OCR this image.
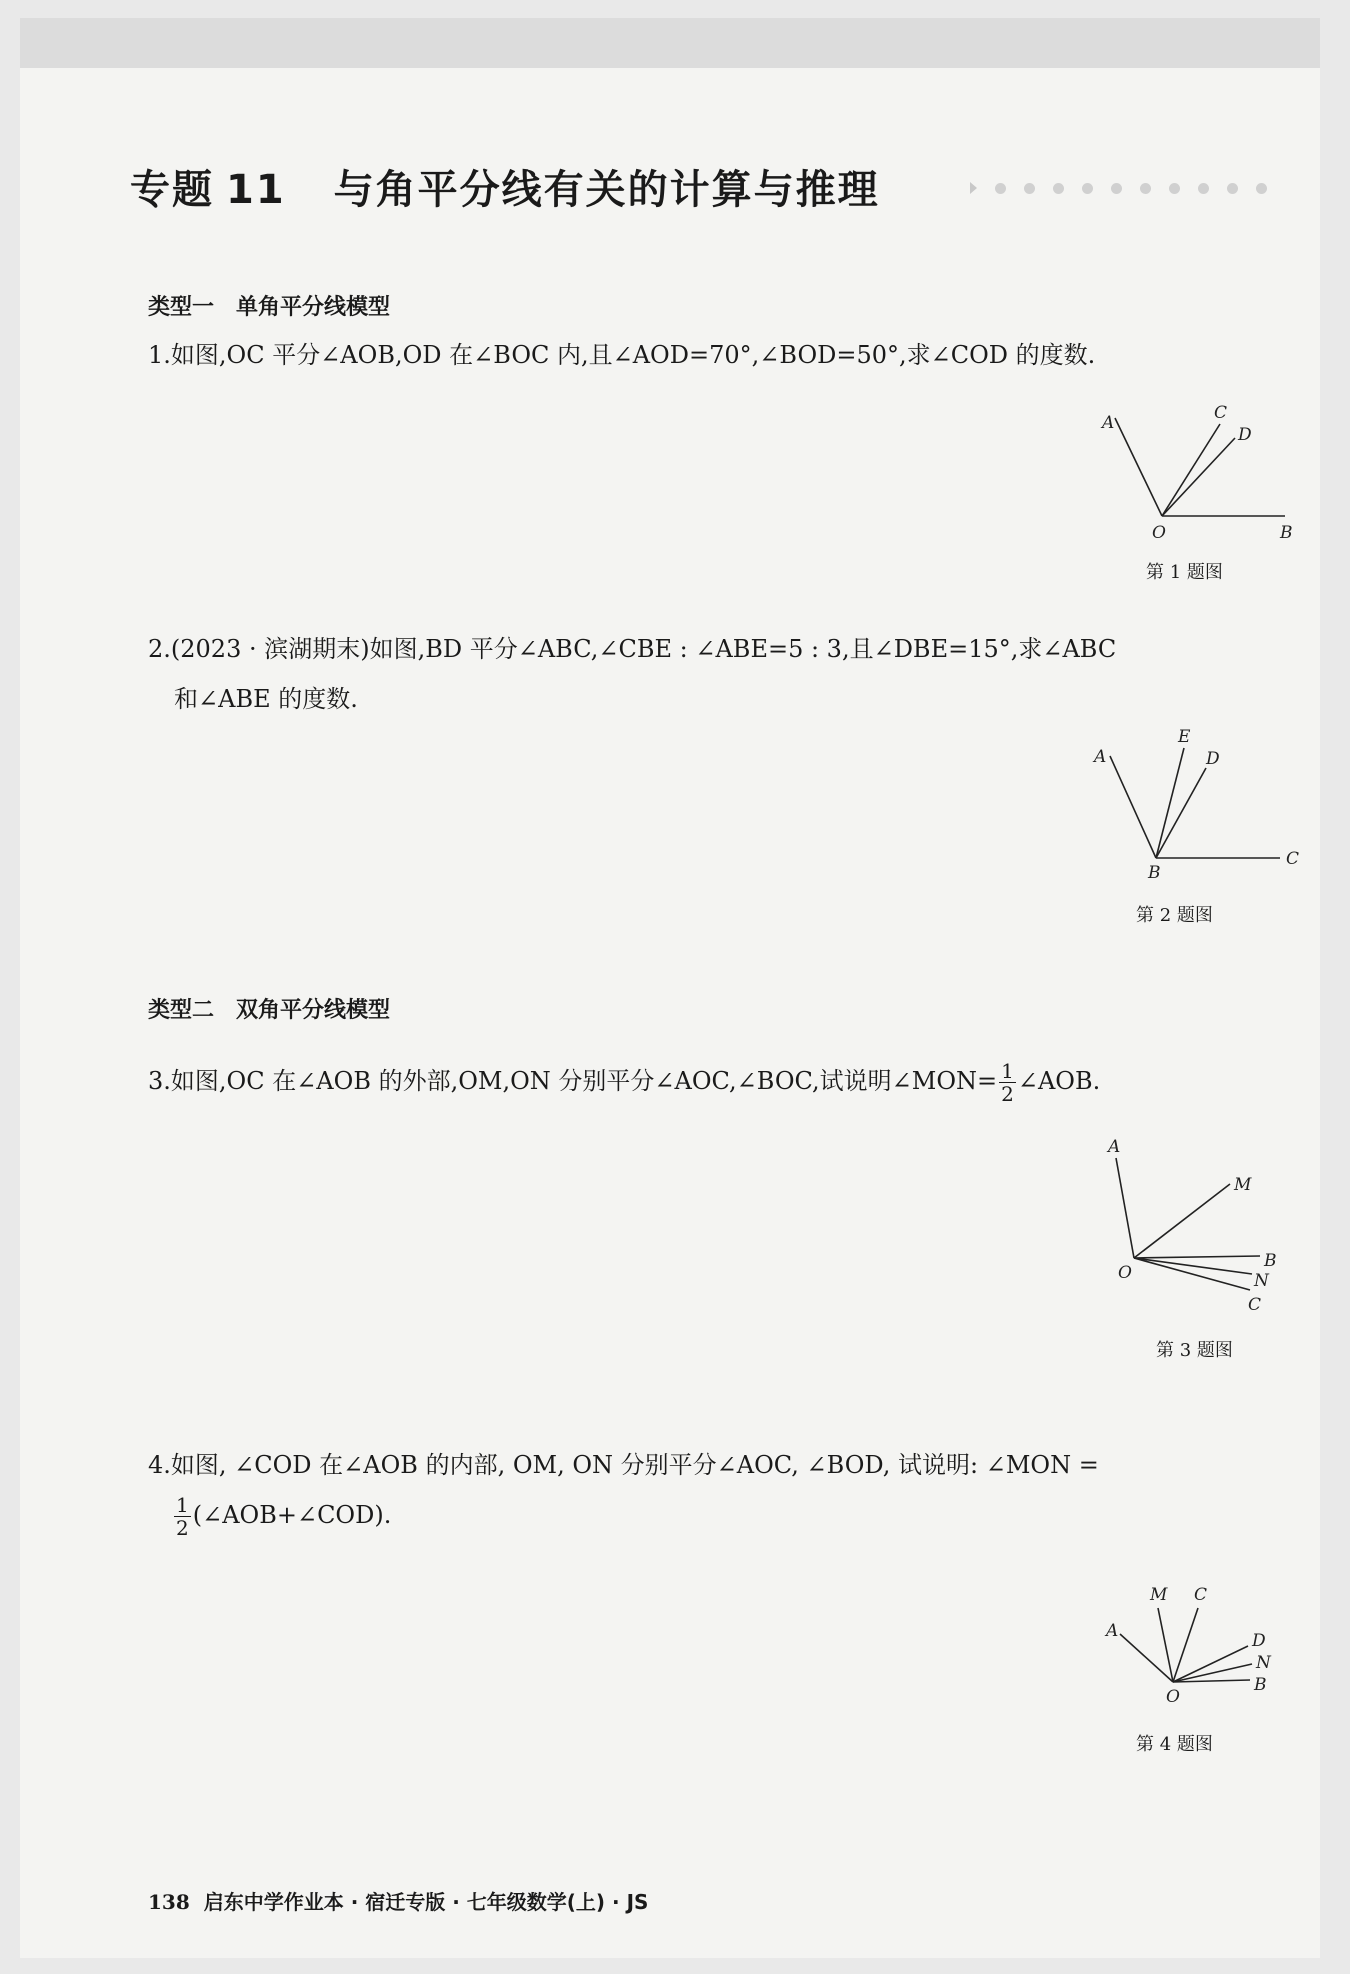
专题 11 与角平分线有关的计算与推理
类型一 单角平分线模型
1.如图,OC 平分∠AOB,OD 在∠BOC 内,且∠AOD=70°,∠BOD=50°,求∠COD 的度数.
A	C
D
O	B
第 1 题图
2.(2023 · 滨湖期末)如图,BD 平分∠ABC,∠CBE : ∠ABE=5 : 3,且∠DBE=15°,求∠ABC
和∠ABE 的度数.
A
E
D
B
C
第 2 题图
类型二 双角平分线模型
3.如图,OC 在∠AOB 的外部,OM,ON 分别平分∠AOC,∠BOC,试说明∠MON= $\frac{1}{2}$ ∠AOB.
A
M
O
B
N
C
第 3 题图
4.如图, ∠COD 在∠AOB 的内部, OM, ON 分别平分∠AOC, ∠BOD, 试说明: ∠MON =

$\frac{1}{2}$ (∠AOB+∠COD).
A
M C
D
N
B
O
第 4 题图
138 启东中学作业本 · 宿迁专版 · 七年级数学(上) · JS
